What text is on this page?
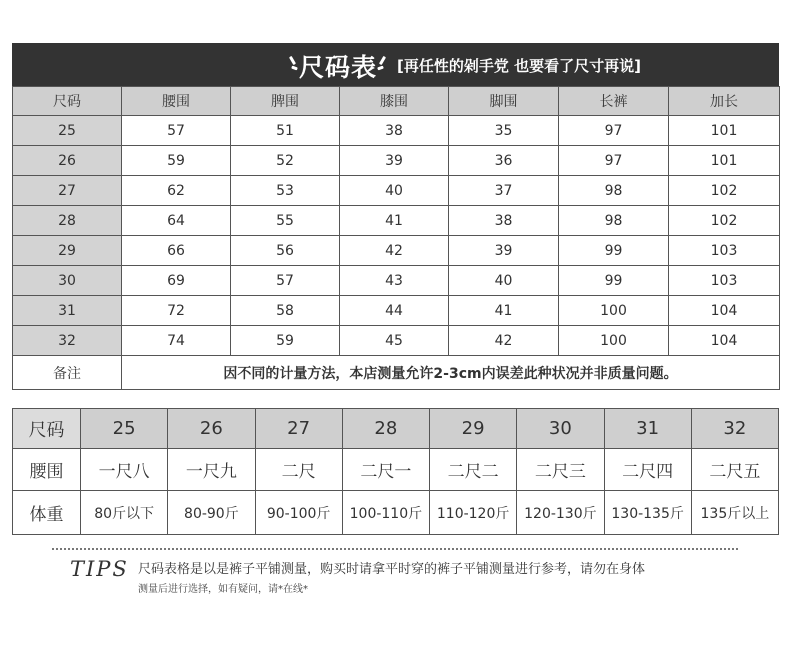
尺码表 [再任性的剁手党 也要看了尺寸再说]
尺码	腰围	脾围	膝围	脚围	长裤	加长
25	57	51	38	35	97	101
26	59	52	39	36	97	101
27	62	53	40	37	98	102
28	64	55	41	38	98	102
29	66	56	42	39	99	103
30	69	57	43	40	99	103
31	72	58	44	41	100	104
32	74	59	45	42	100	104
备注	因不同的计量方法，本店测量允许2-3cm内误差此种状况并非质量问题。					
尺码	25	26	27	28	29	30	31	32
腰围	一尺八	一尺九	二尺	二尺一	二尺二	二尺三	二尺四	二尺五
体重	80斤以下	80-90斤	90-100斤	100-110斤	110-120斤	120-130斤	130-135斤	135斤以上
TIPS 尺码表格是以是裤子平铺测量，购买时请拿平时穿的裤子平铺测量进行参考，请勿在身体
测量后进行选择，如有疑问，请*在线*
